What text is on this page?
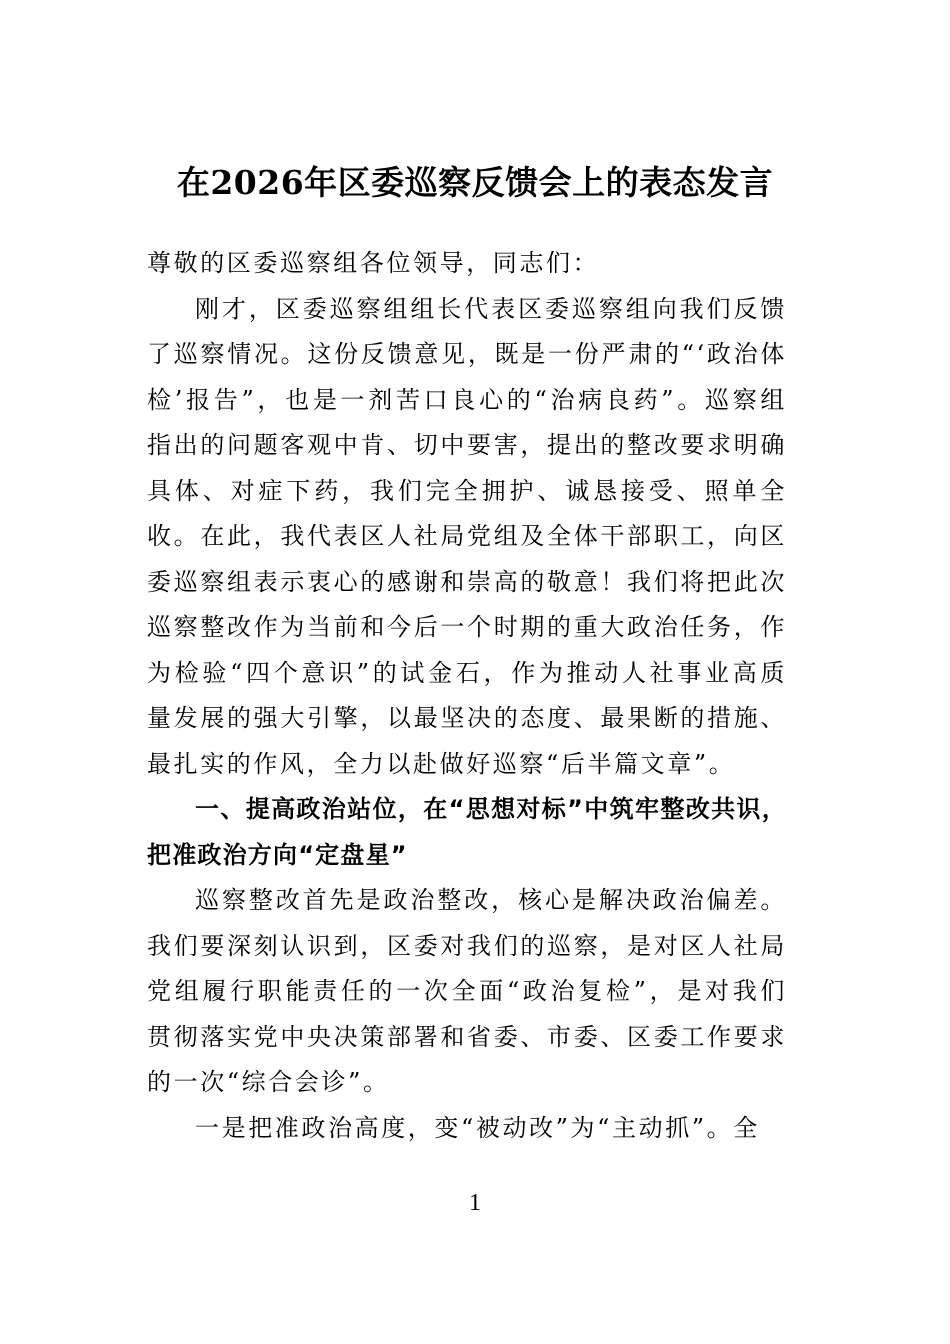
在2026年区委巡察反馈会上的表态发言

尊敬的区委巡察组各位领导，同志们：

刚才，区委巡察组组长代表区委巡察组向我们反馈了巡察情况。这份反馈意见，既是一份严肃的“‘政治体检’报告”，也是一剂苦口良心的“治病良药”。巡察组指出的问题客观中肯、切中要害，提出的整改要求明确具体、对症下药，我们完全拥护、诚恳接受、照单全收。在此，我代表区人社局党组及全体干部职工，向区委巡察组表示衷心的感谢和崇高的敬意！我们将把此次巡察整改作为当前和今后一个时期的重大政治任务，作为检验“四个意识”的试金石，作为推动人社事业高质量发展的强大引擎，以最坚决的态度、最果断的措施、最扎实的作风，全力以赴做好巡察“后半篇文章”。

一、提高政治站位，在“思想对标”中筑牢整改共识，把准政治方向“定盘星”

巡察整改首先是政治整改，核心是解决政治偏差。我们要深刻认识到，区委对我们的巡察，是对区人社局党组履行职能责任的一次全面“政治复检”，是对我们贯彻落实党中央决策部署和省委、市委、区委工作要求的一次“综合会诊”。

一是把准政治高度，变“被动改”为“主动抓”。全

1
